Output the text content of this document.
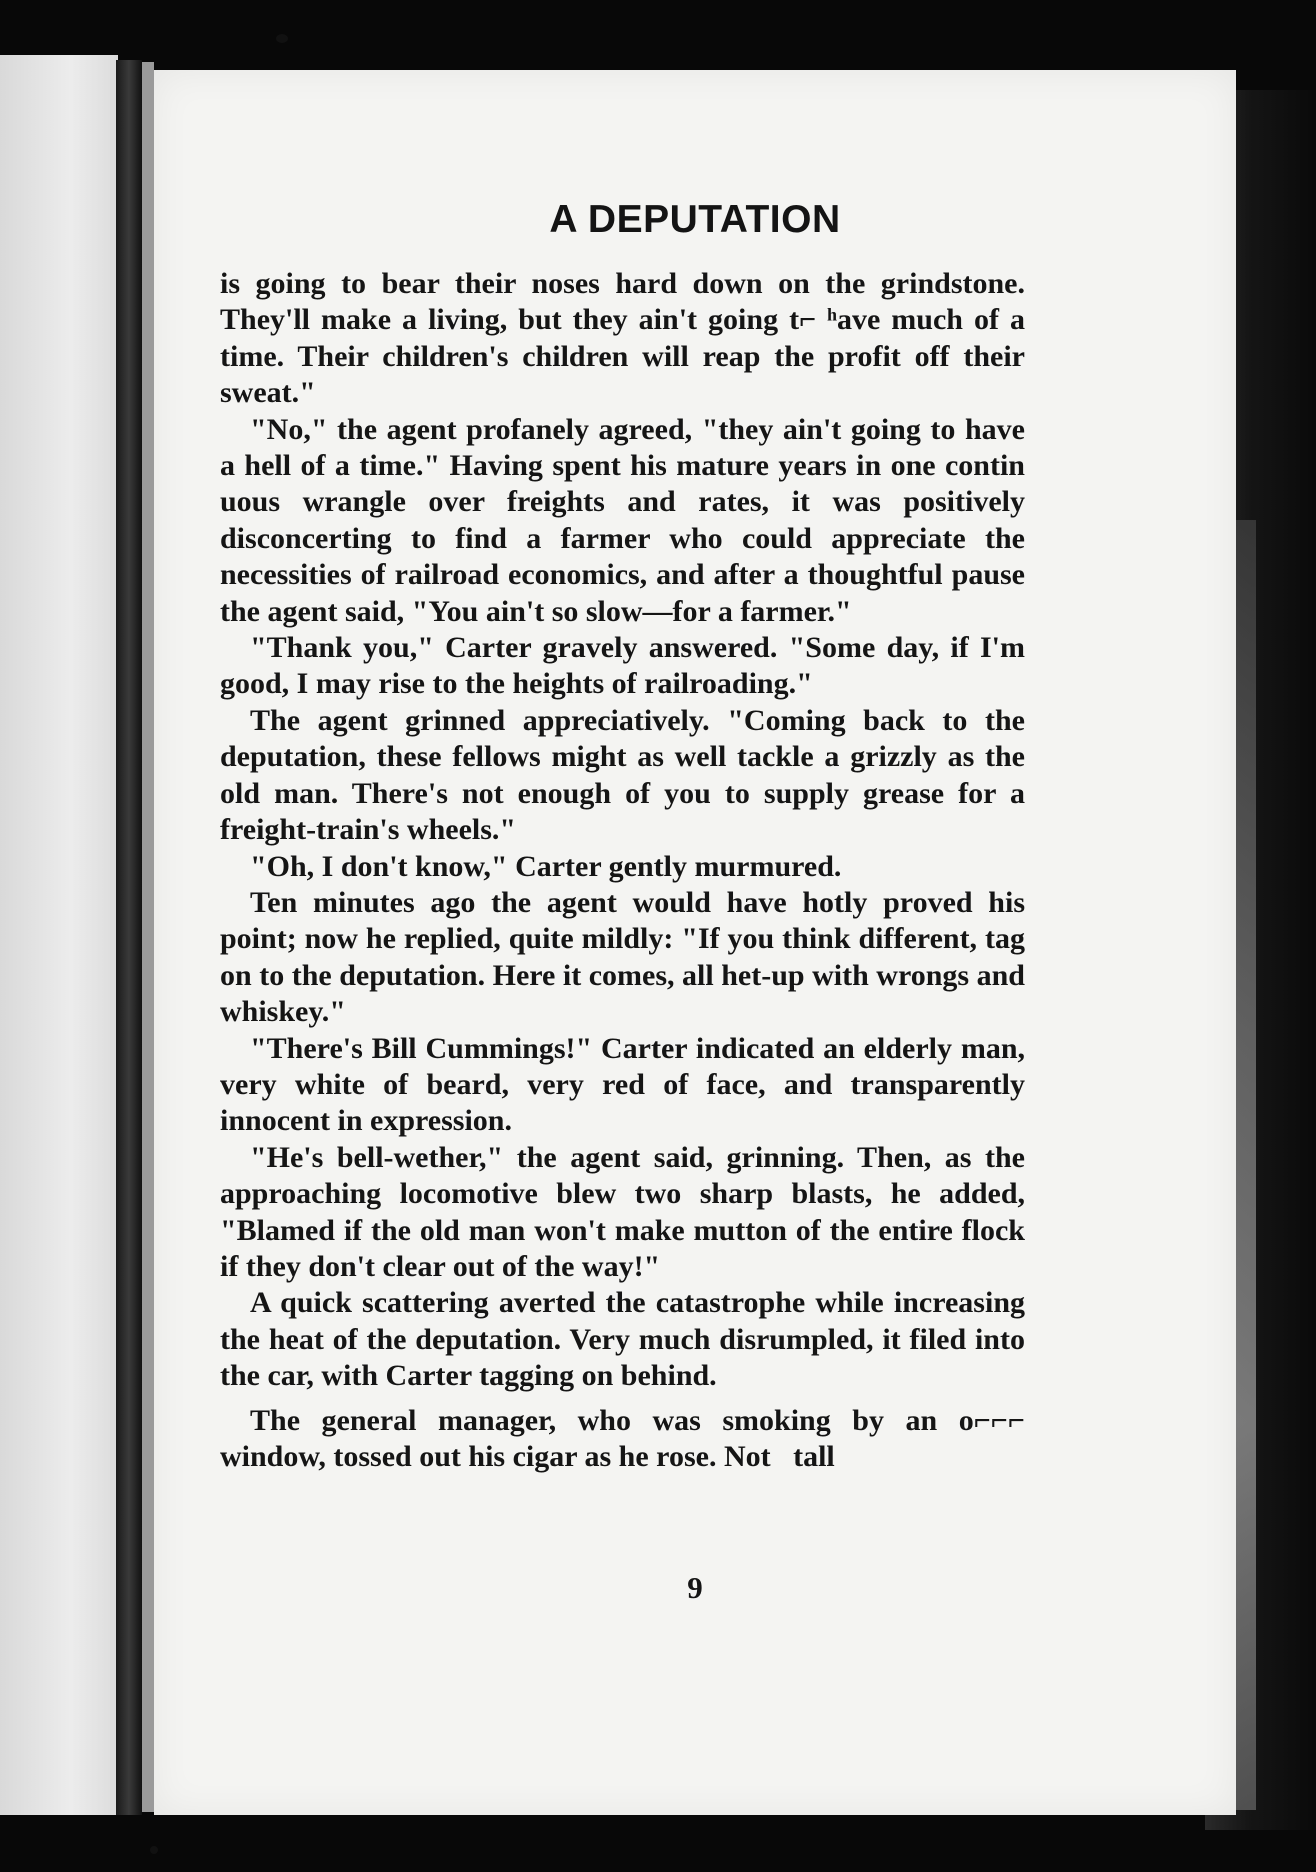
A DEPUTATION

is going to bear their noses hard down on the grindstone. They'll make a living, but they ain't going t⌐ ʰave much of a time. Their children's children will reap the profit off their sweat."

"No," the agent profanely agreed, "they ain't going to have a hell of a time." Having spent his mature years in one contin uous wrangle over freights and rates, it was positively disconcerting to find a farmer who could appreciate the necessities of railroad economics, and after a thoughtful pause the agent said, "You ain't so slow—for a farmer."

"Thank you," Carter gravely answered. "Some day, if I'm good, I may rise to the heights of railroading."

The agent grinned appreciatively. "Coming back to the deputation, these fellows might as well tackle a grizzly as the old man. There's not enough of you to supply grease for a freight-train's wheels."

"Oh, I don't know," Carter gently murmured.

Ten minutes ago the agent would have hotly proved his point; now he replied, quite mildly: "If you think different, tag on to the deputation. Here it comes, all het-up with wrongs and whiskey."

"There's Bill Cummings!" Carter indicated an elderly man, very white of beard, very red of face, and transparently innocent in expression.

"He's bell-wether," the agent said, grinning. Then, as the approaching locomotive blew two sharp blasts, he added, "Blamed if the old man won't make mutton of the entire flock if they don't clear out of the way!"

A quick scattering averted the catastrophe while increasing the heat of the deputation. Very much disrumpled, it filed into the car, with Carter tagging on behind.

The general manager, who was smoking by an o⌐⌐⌐ window, tossed out his cigar as he rose. Not   tall

9
